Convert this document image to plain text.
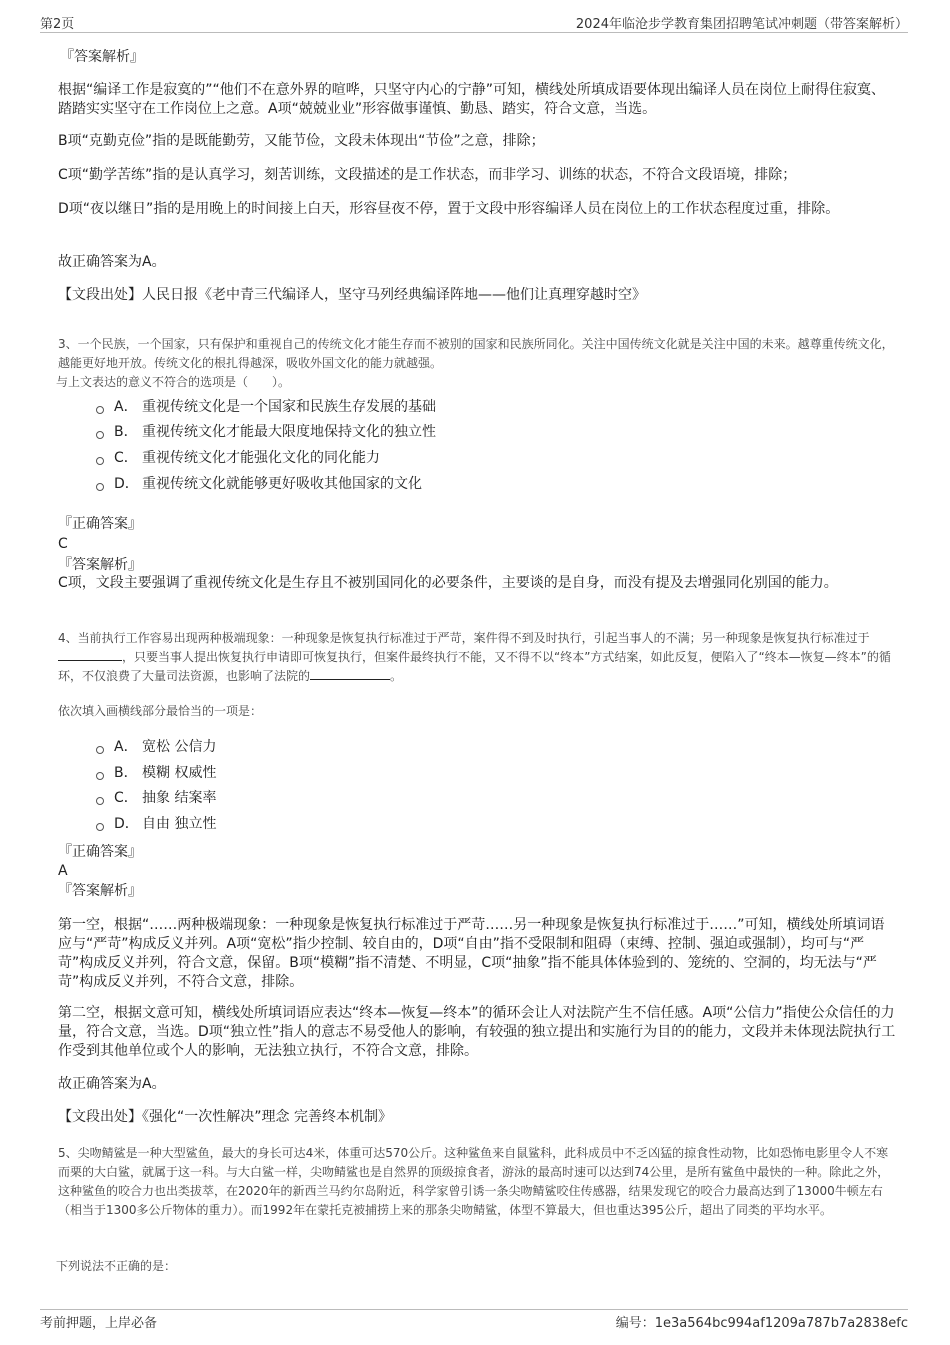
第2页	2024年临沧步学教育集团招聘笔试冲刺题（带答案解析）
『答案解析』

根据“编译工作是寂寞的”“他们不在意外界的喧哗，只坚守内心的宁静”可知，横线处所填成语要体现出编译人员在岗位上耐得住寂寞、踏踏实实坚守在工作岗位上之意。A项“兢兢业业”形容做事谨慎、勤恳、踏实，符合文意，当选。

B项“克勤克俭”指的是既能勤劳，又能节俭，文段未体现出“节俭”之意，排除；

C项“勤学苦练”指的是认真学习，刻苦训练，文段描述的是工作状态，而非学习、训练的状态，不符合文段语境，排除；

D项“夜以继日”指的是用晚上的时间接上白天，形容昼夜不停，置于文段中形容编译人员在岗位上的工作状态程度过重，排除。

故正确答案为A。

【文段出处】人民日报《老中青三代编译人，坚守马列经典编译阵地——他们让真理穿越时空》

3、一个民族，一个国家，只有保护和重视自己的传统文化才能生存而不被别的国家和民族所同化。关注中国传统文化就是关注中国的未来。越尊重传统文化，越能更好地开放。传统文化的根扎得越深，吸收外国文化的能力就越强。

与上文表达的意义不符合的选项是（　　）。

A． 重视传统文化是一个国家和民族生存发展的基础
B． 重视传统文化才能最大限度地保持文化的独立性
C． 重视传统文化才能强化文化的同化能力
D． 重视传统文化就能够更好吸收其他国家的文化
『正确答案』
C
『答案解析』

C项，文段主要强调了重视传统文化是生存且不被别国同化的必要条件，主要谈的是自身，而没有提及去增强同化别国的能力。

4、当前执行工作容易出现两种极端现象：一种现象是恢复执行标准过于严苛，案件得不到及时执行，引起当事人的不满；另一种现象是恢复执行标准过于，只要当事人提出恢复执行申请即可恢复执行，但案件最终执行不能，又不得不以“终本”方式结案，如此反复，便陷入了“终本—恢复—终本”的循环，不仅浪费了大量司法资源，也影响了法院的	。

依次填入画横线部分最恰当的一项是：

A． 宽松 公信力
B． 模糊 权威性
C． 抽象 结案率
D． 自由 独立性
『正确答案』
A
『答案解析』

第一空，根据“……两种极端现象：一种现象是恢复执行标准过于严苛……另一种现象是恢复执行标准过于……”可知，横线处所填词语应与“严苛”构成反义并列。A项“宽松”指少控制、较自由的，D项“自由”指不受限制和阻碍（束缚、控制、强迫或强制），均可与“严苛”构成反义并列，符合文意，保留。B项“模糊”指不清楚、不明显，C项“抽象”指不能具体体验到的、笼统的、空洞的，均无法与“严苛”构成反义并列，不符合文意，排除。

第二空，根据文意可知，横线处所填词语应表达“终本—恢复—终本”的循环会让人对法院产生不信任感。A项“公信力”指使公众信任的力量，符合文意，当选。D项“独立性”指人的意志不易受他人的影响，有较强的独立提出和实施行为目的的能力，文段并未体现法院执行工作受到其他单位或个人的影响，无法独立执行，不符合文意，排除。

故正确答案为A。

【文段出处】《强化“一次性解决”理念 完善终本机制》

5、尖吻鲭鲨是一种大型鲨鱼，最大的身长可达4米，体重可达570公斤。这种鲨鱼来自鼠鲨科，此科成员中不乏凶猛的掠食性动物，比如恐怖电影里令人不寒而栗的大白鲨，就属于这一科。与大白鲨一样，尖吻鲭鲨也是自然界的顶级掠食者，游泳的最高时速可以达到74公里，是所有鲨鱼中最快的一种。除此之外，这种鲨鱼的咬合力也出类拔萃，在2020年的新西兰马约尔岛附近，科学家曾引诱一条尖吻鲭鲨咬住传感器，结果发现它的咬合力最高达到了13000牛顿左右（相当于1300多公斤物体的重力）。而1992年在蒙托克被捕捞上来的那条尖吻鲭鲨，体型不算最大，但也重达395公斤，超出了同类的平均水平。

下列说法不正确的是：

考前押题，上岸必备	编号：1e3a564bc994af1209a787b7a2838efc
